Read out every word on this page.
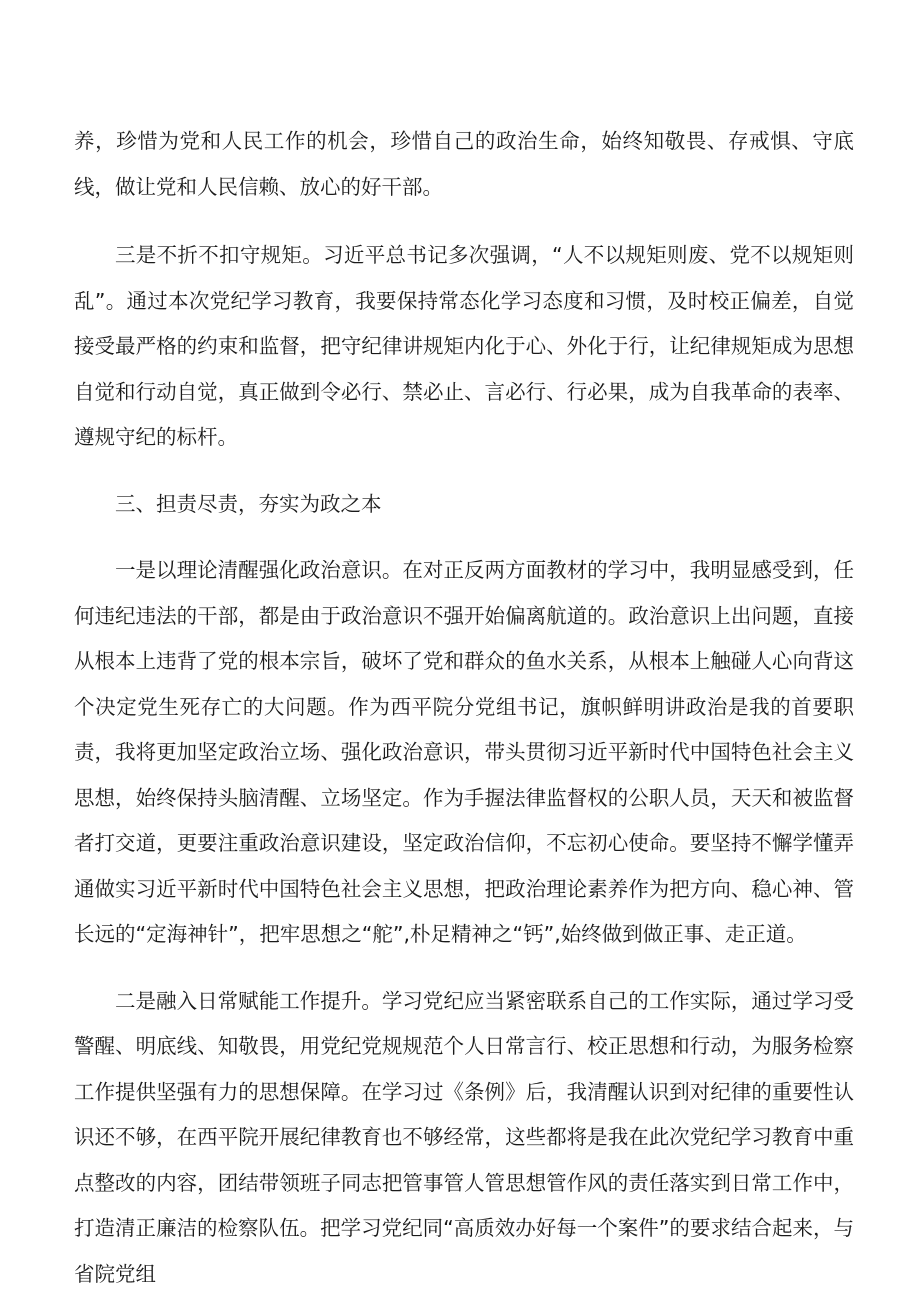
养，珍惜为党和人民工作的机会，珍惜自己的政治生命，始终知敬畏、存戒惧、守底线，做让党和人民信赖、放心的好干部。

三是不折不扣守规矩。习近平总书记多次强调，“人不以规矩则废、党不以规矩则乱”。通过本次党纪学习教育，我要保持常态化学习态度和习惯，及时校正偏差，自觉接受最严格的约束和监督，把守纪律讲规矩内化于心、外化于行，让纪律规矩成为思想自觉和行动自觉，真正做到令必行、禁必止、言必行、行必果，成为自我革命的表率、遵规守纪的标杆。

三、担责尽责，夯实为政之本

一是以理论清醒强化政治意识。在对正反两方面教材的学习中，我明显感受到，任何违纪违法的干部，都是由于政治意识不强开始偏离航道的。政治意识上出问题，直接从根本上违背了党的根本宗旨，破坏了党和群众的鱼水关系，从根本上触碰人心向背这个决定党生死存亡的大问题。作为西平院分党组书记，旗帜鲜明讲政治是我的首要职责，我将更加坚定政治立场、强化政治意识，带头贯彻习近平新时代中国特色社会主义思想，始终保持头脑清醒、立场坚定。作为手握法律监督权的公职人员，天天和被监督者打交道，更要注重政治意识建设，坚定政治信仰，不忘初心使命。要坚持不懈学懂弄通做实习近平新时代中国特色社会主义思想，把政治理论素养作为把方向、稳心神、管长远的“定海神针”，把牢思想之“舵”,朴足精神之“钙”,始终做到做正事、走正道。

二是融入日常赋能工作提升。学习党纪应当紧密联系自己的工作实际，通过学习受警醒、明底线、知敬畏，用党纪党规规范个人日常言行、校正思想和行动，为服务检察工作提供坚强有力的思想保障。在学习过《条例》后，我清醒认识到对纪律的重要性认识还不够，在西平院开展纪律教育也不够经常，这些都将是我在此次党纪学习教育中重点整改的内容，团结带领班子同志把管事管人管思想管作风的责任落实到日常工作中，打造清正廉洁的检察队伍。把学习党纪同“高质效办好每一个案件”的要求结合起来，与省院党组
